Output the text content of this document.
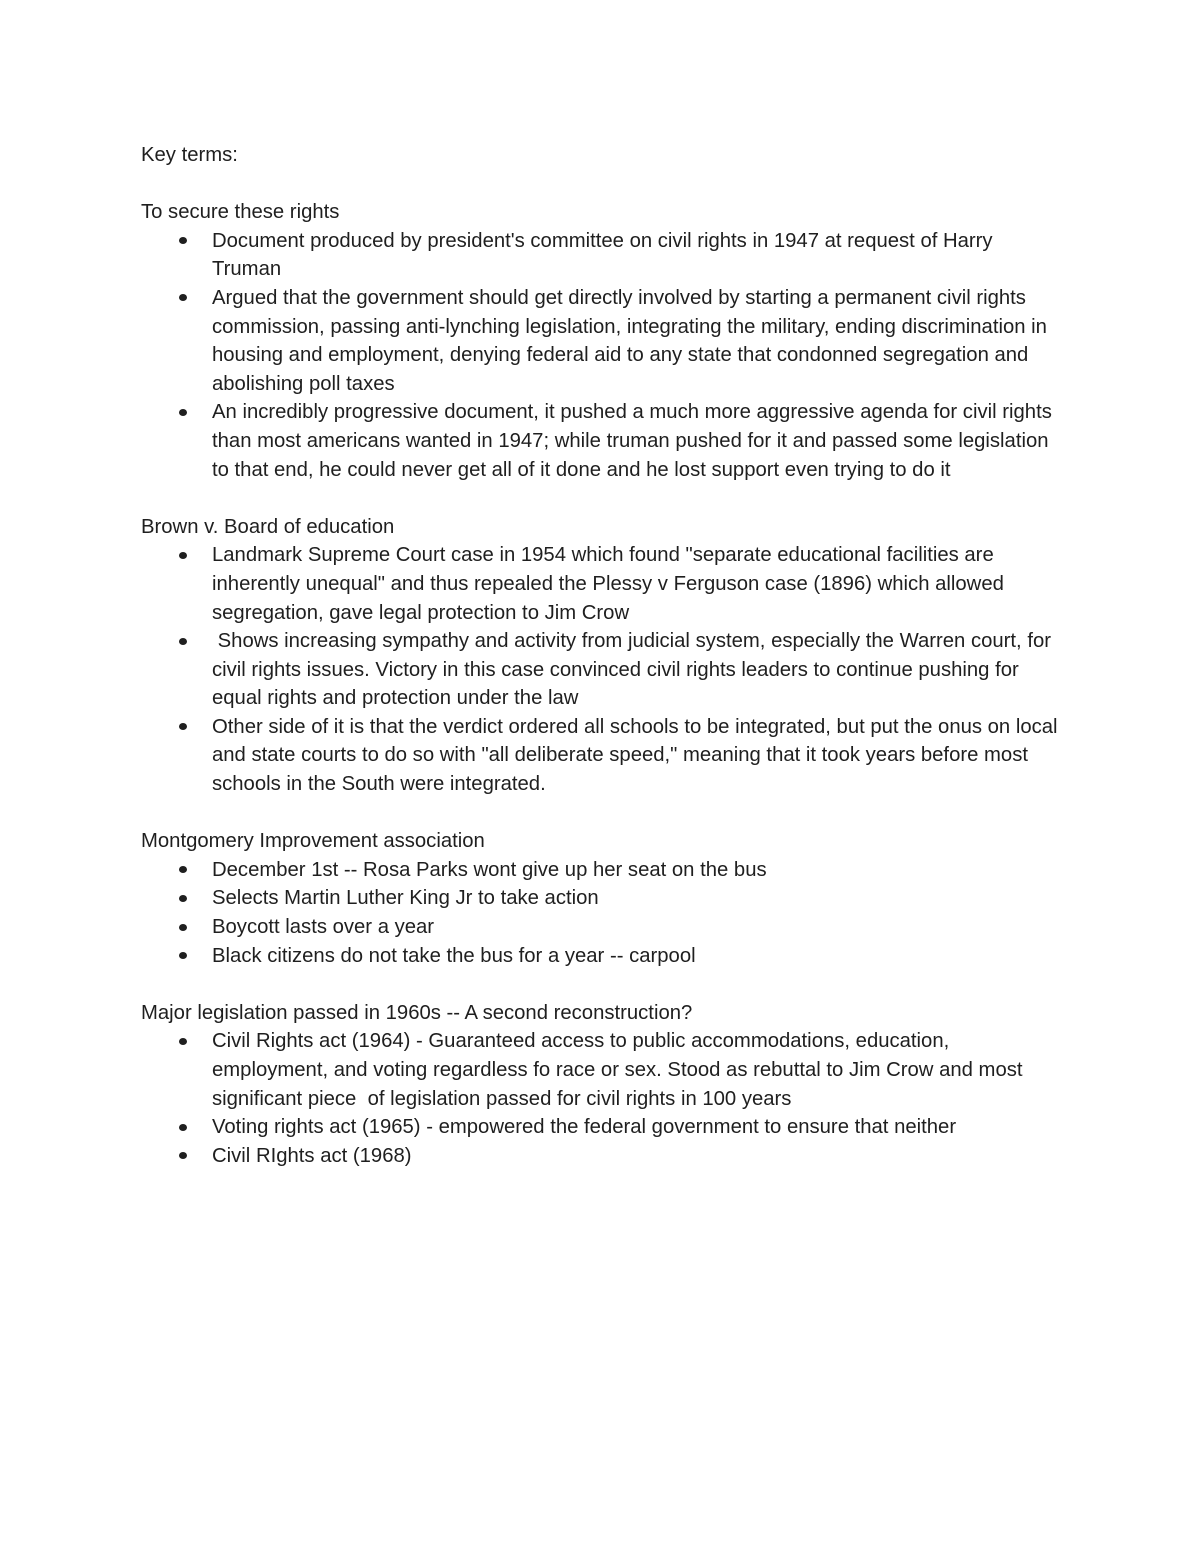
Key terms:

To secure these rights

Document produced by president's committee on civil rights in 1947 at request of Harry Truman
Argued that the government should get directly involved by starting a permanent civil rights commission, passing anti-lynching legislation, integrating the military, ending discrimination in housing and employment, denying federal aid to any state that condonned segregation and abolishing poll taxes
An incredibly progressive document, it pushed a much more aggressive agenda for civil rights than most americans wanted in 1947; while truman pushed for it and passed some legislation to that end, he could never get all of it done and he lost support even trying to do it

Brown v. Board of education

Landmark Supreme Court case in 1954 which found "separate educational facilities are inherently unequal" and thus repealed the Plessy v Ferguson case (1896) which allowed segregation, gave legal protection to Jim Crow
Shows increasing sympathy and activity from judicial system, especially the Warren court, for civil rights issues. Victory in this case convinced civil rights leaders to continue pushing for equal rights and protection under the law
Other side of it is that the verdict ordered all schools to be integrated, but put the onus on local and state courts to do so with "all deliberate speed," meaning that it took years before most schools in the South were integrated.

Montgomery Improvement association

December 1st -- Rosa Parks wont give up her seat on the bus
Selects Martin Luther King Jr to take action
Boycott lasts over a year
Black citizens do not take the bus for a year -- carpool

Major legislation passed in 1960s -- A second reconstruction?

Civil Rights act (1964) - Guaranteed access to public accommodations, education, employment, and voting regardless fo race or sex. Stood as rebuttal to Jim Crow and most significant piece  of legislation passed for civil rights in 100 years
Voting rights act (1965) - empowered the federal government to ensure that neither
Civil RIghts act (1968)
